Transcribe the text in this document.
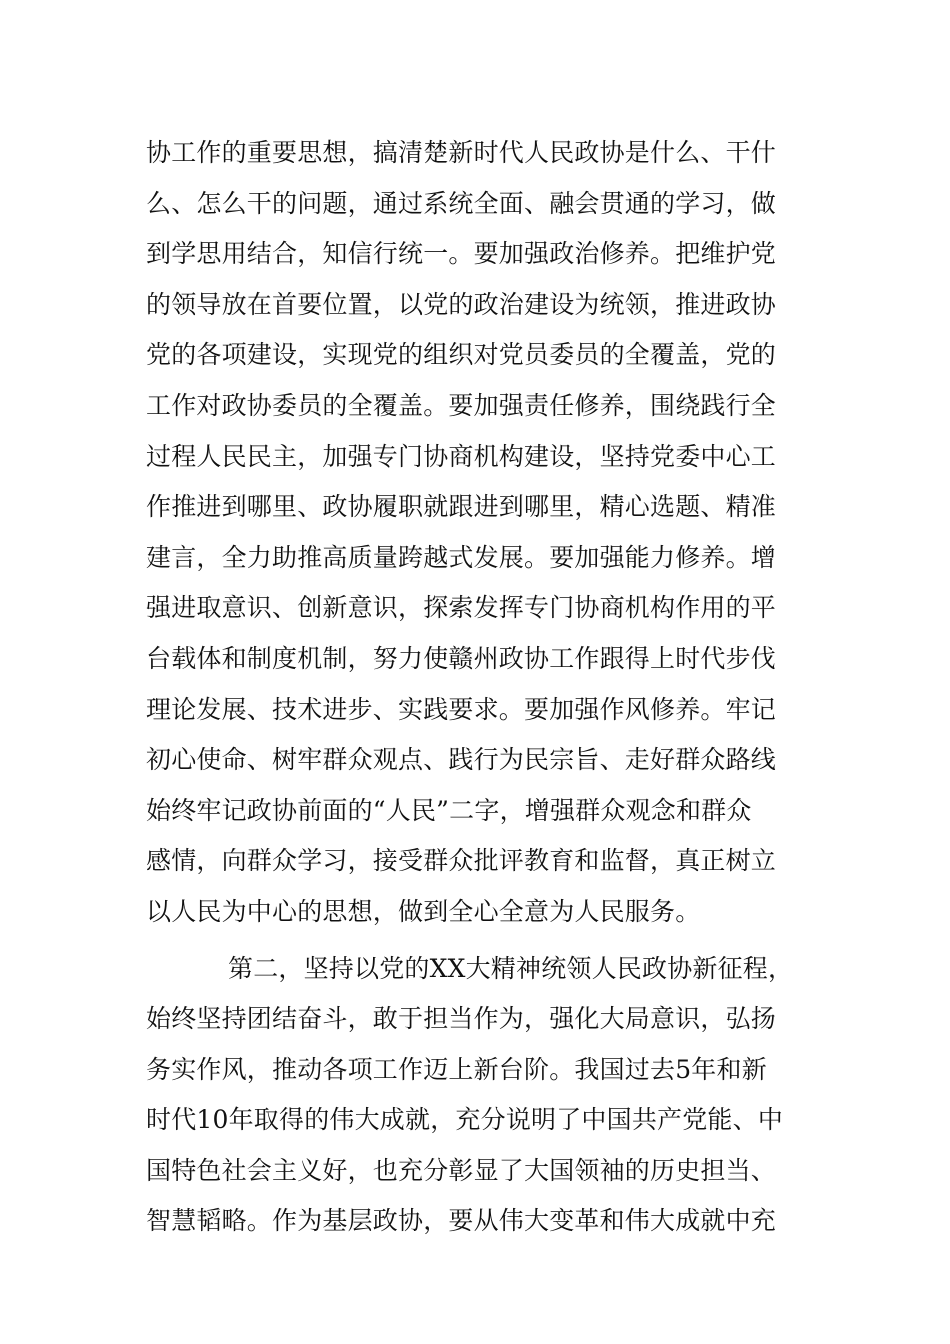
协工作的重要思想，搞清楚新时代人民政协是什么、干什
么、怎么干的问题，通过系统全面、融会贯通的学习，做
到学思用结合，知信行统一。要加强政治修养。把维护党
的领导放在首要位置，以党的政治建设为统领，推进政协
党的各项建设，实现党的组织对党员委员的全覆盖，党的
工作对政协委员的全覆盖。要加强责任修养，围绕践行全
过程人民民主，加强专门协商机构建设，坚持党委中心工
作推进到哪里、政协履职就跟进到哪里，精心选题、精准
建言，全力助推高质量跨越式发展。要加强能力修养。增
强进取意识、创新意识，探索发挥专门协商机构作用的平
台载体和制度机制，努力使赣州政协工作跟得上时代步伐
理论发展、技术进步、实践要求。要加强作风修养。牢记
初心使命、树牢群众观点、践行为民宗旨、走好群众路线
始终牢记政协前面的“人民”二字，增强群众观念和群众
感情，向群众学习，接受群众批评教育和监督，真正树立
以人民为中心的思想，做到全心全意为人民服务。
第二，坚持以党的XX大精神统领人民政协新征程，
始终坚持团结奋斗，敢于担当作为，强化大局意识，弘扬
务实作风，推动各项工作迈上新台阶。我国过去5年和新
时代10年取得的伟大成就，充分说明了中国共产党能、中
国特色社会主义好，也充分彰显了大国领袖的历史担当、
智慧韬略。作为基层政协，要从伟大变革和伟大成就中充
